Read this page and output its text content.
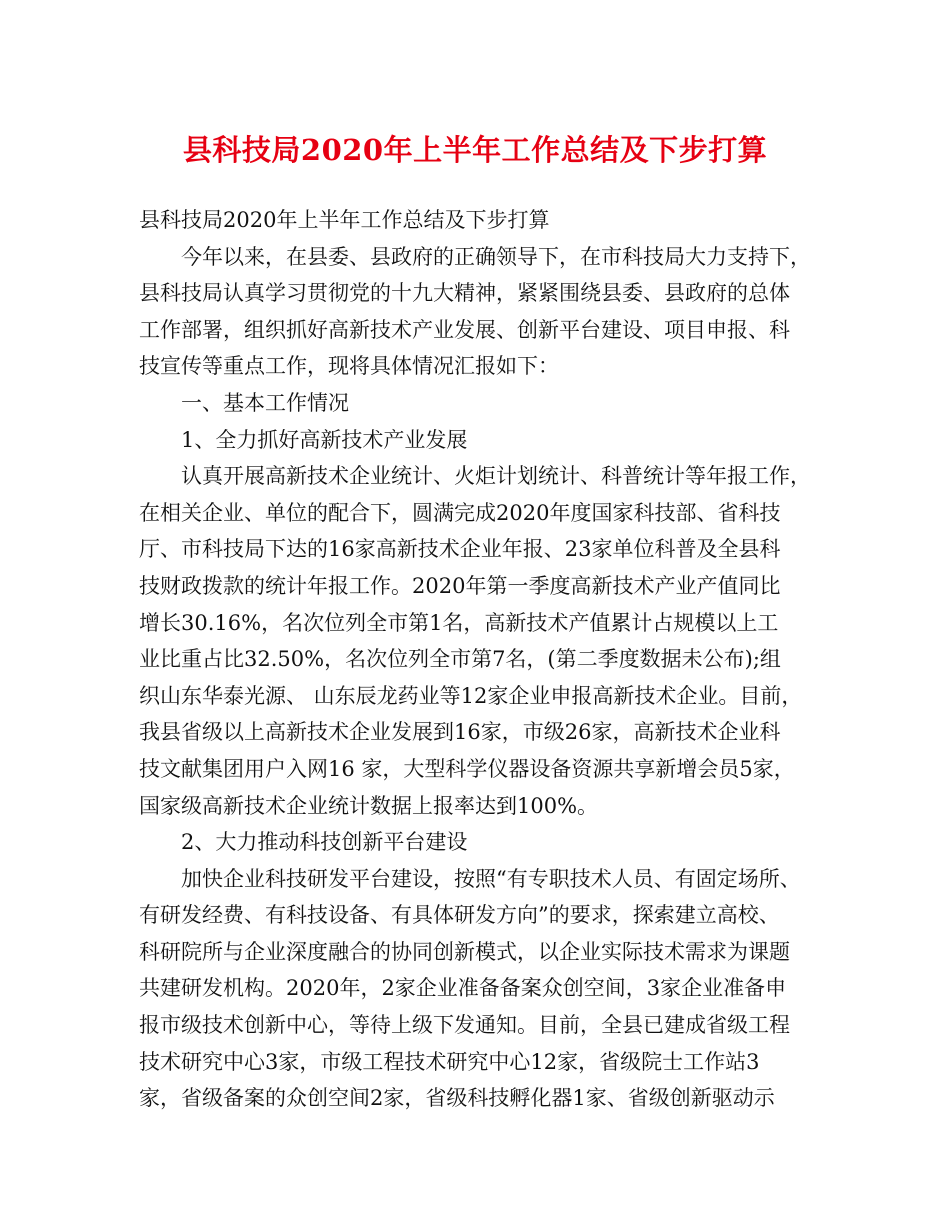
县科技局2020年上半年工作总结及下步打算
县科技局2020年上半年工作总结及下步打算
今年以来，在县委、县政府的正确领导下，在市科技局大力支持下，
县科技局认真学习贯彻党的十九大精神，紧紧围绕县委、县政府的总体
工作部署，组织抓好高新技术产业发展、创新平台建设、项目申报、科
技宣传等重点工作，现将具体情况汇报如下：
一、基本工作情况
1、全力抓好高新技术产业发展
认真开展高新技术企业统计、火炬计划统计、科普统计等年报工作，
在相关企业、单位的配合下，圆满完成2020年度国家科技部、省科技
厅、市科技局下达的16家高新技术企业年报、23家单位科普及全县科
技财政拨款的统计年报工作。2020年第一季度高新技术产业产值同比
增长30.16%，名次位列全市第1名，高新技术产值累计占规模以上工
业比重占比32.50%，名次位列全市第7名，(第二季度数据未公布);组
织山东华泰光源、 山东辰龙药业等12家企业申报高新技术企业。目前，
我县省级以上高新技术企业发展到16家，市级26家，高新技术企业科
技文献集团用户入网16 家，大型科学仪器设备资源共享新增会员5家，
国家级高新技术企业统计数据上报率达到100%。
2、大力推动科技创新平台建设
加快企业科技研发平台建设，按照“有专职技术人员、有固定场所、
有研发经费、有科技设备、有具体研发方向”的要求，探索建立高校、
科研院所与企业深度融合的协同创新模式，以企业实际技术需求为课题
共建研发机构。2020年，2家企业准备备案众创空间，3家企业准备申
报市级技术创新中心，等待上级下发通知。目前，全县已建成省级工程
技术研究中心3家，市级工程技术研究中心12家，省级院士工作站3
家，省级备案的众创空间2家，省级科技孵化器1家、省级创新驱动示
